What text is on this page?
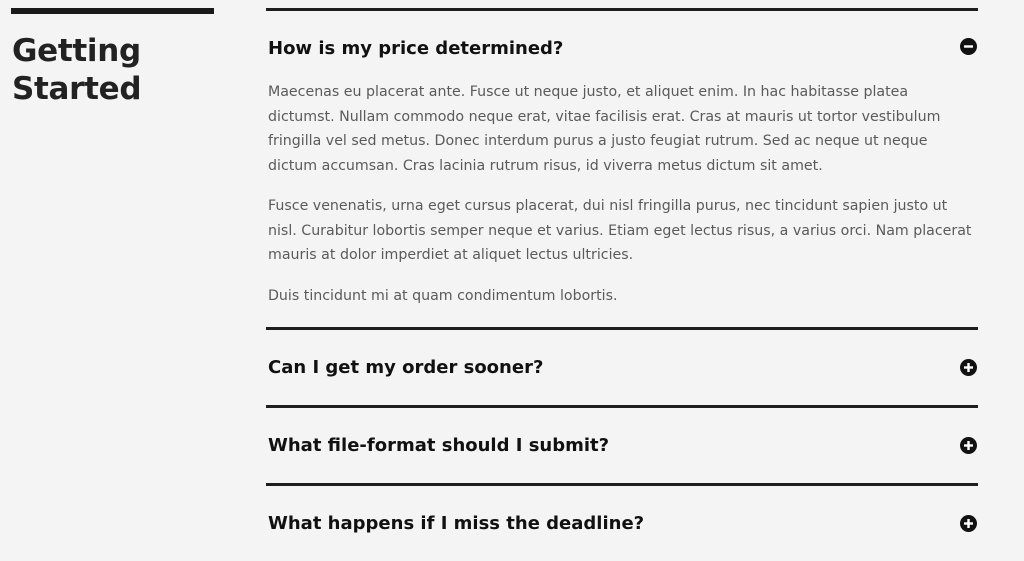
Getting
Started
How is my price determined?

Maecenas eu placerat ante. Fusce ut neque justo, et aliquet enim. In hac habitasse platea dictumst. Nullam commodo neque erat, vitae facilisis erat. Cras at mauris ut tortor vestibulum fringilla vel sed metus. Donec interdum purus a justo feugiat rutrum. Sed ac neque ut neque dictum accumsan. Cras lacinia rutrum risus, id viverra metus dictum sit amet.

Fusce venenatis, urna eget cursus placerat, dui nisl fringilla purus, nec tincidunt sapien justo ut nisl. Curabitur lobortis semper neque et varius. Etiam eget lectus risus, a varius orci. Nam placerat mauris at dolor imperdiet at aliquet lectus ultricies.

Duis tincidunt mi at quam condimentum lobortis.

Can I get my order sooner?
What file-format should I submit?
What happens if I miss the deadline?
